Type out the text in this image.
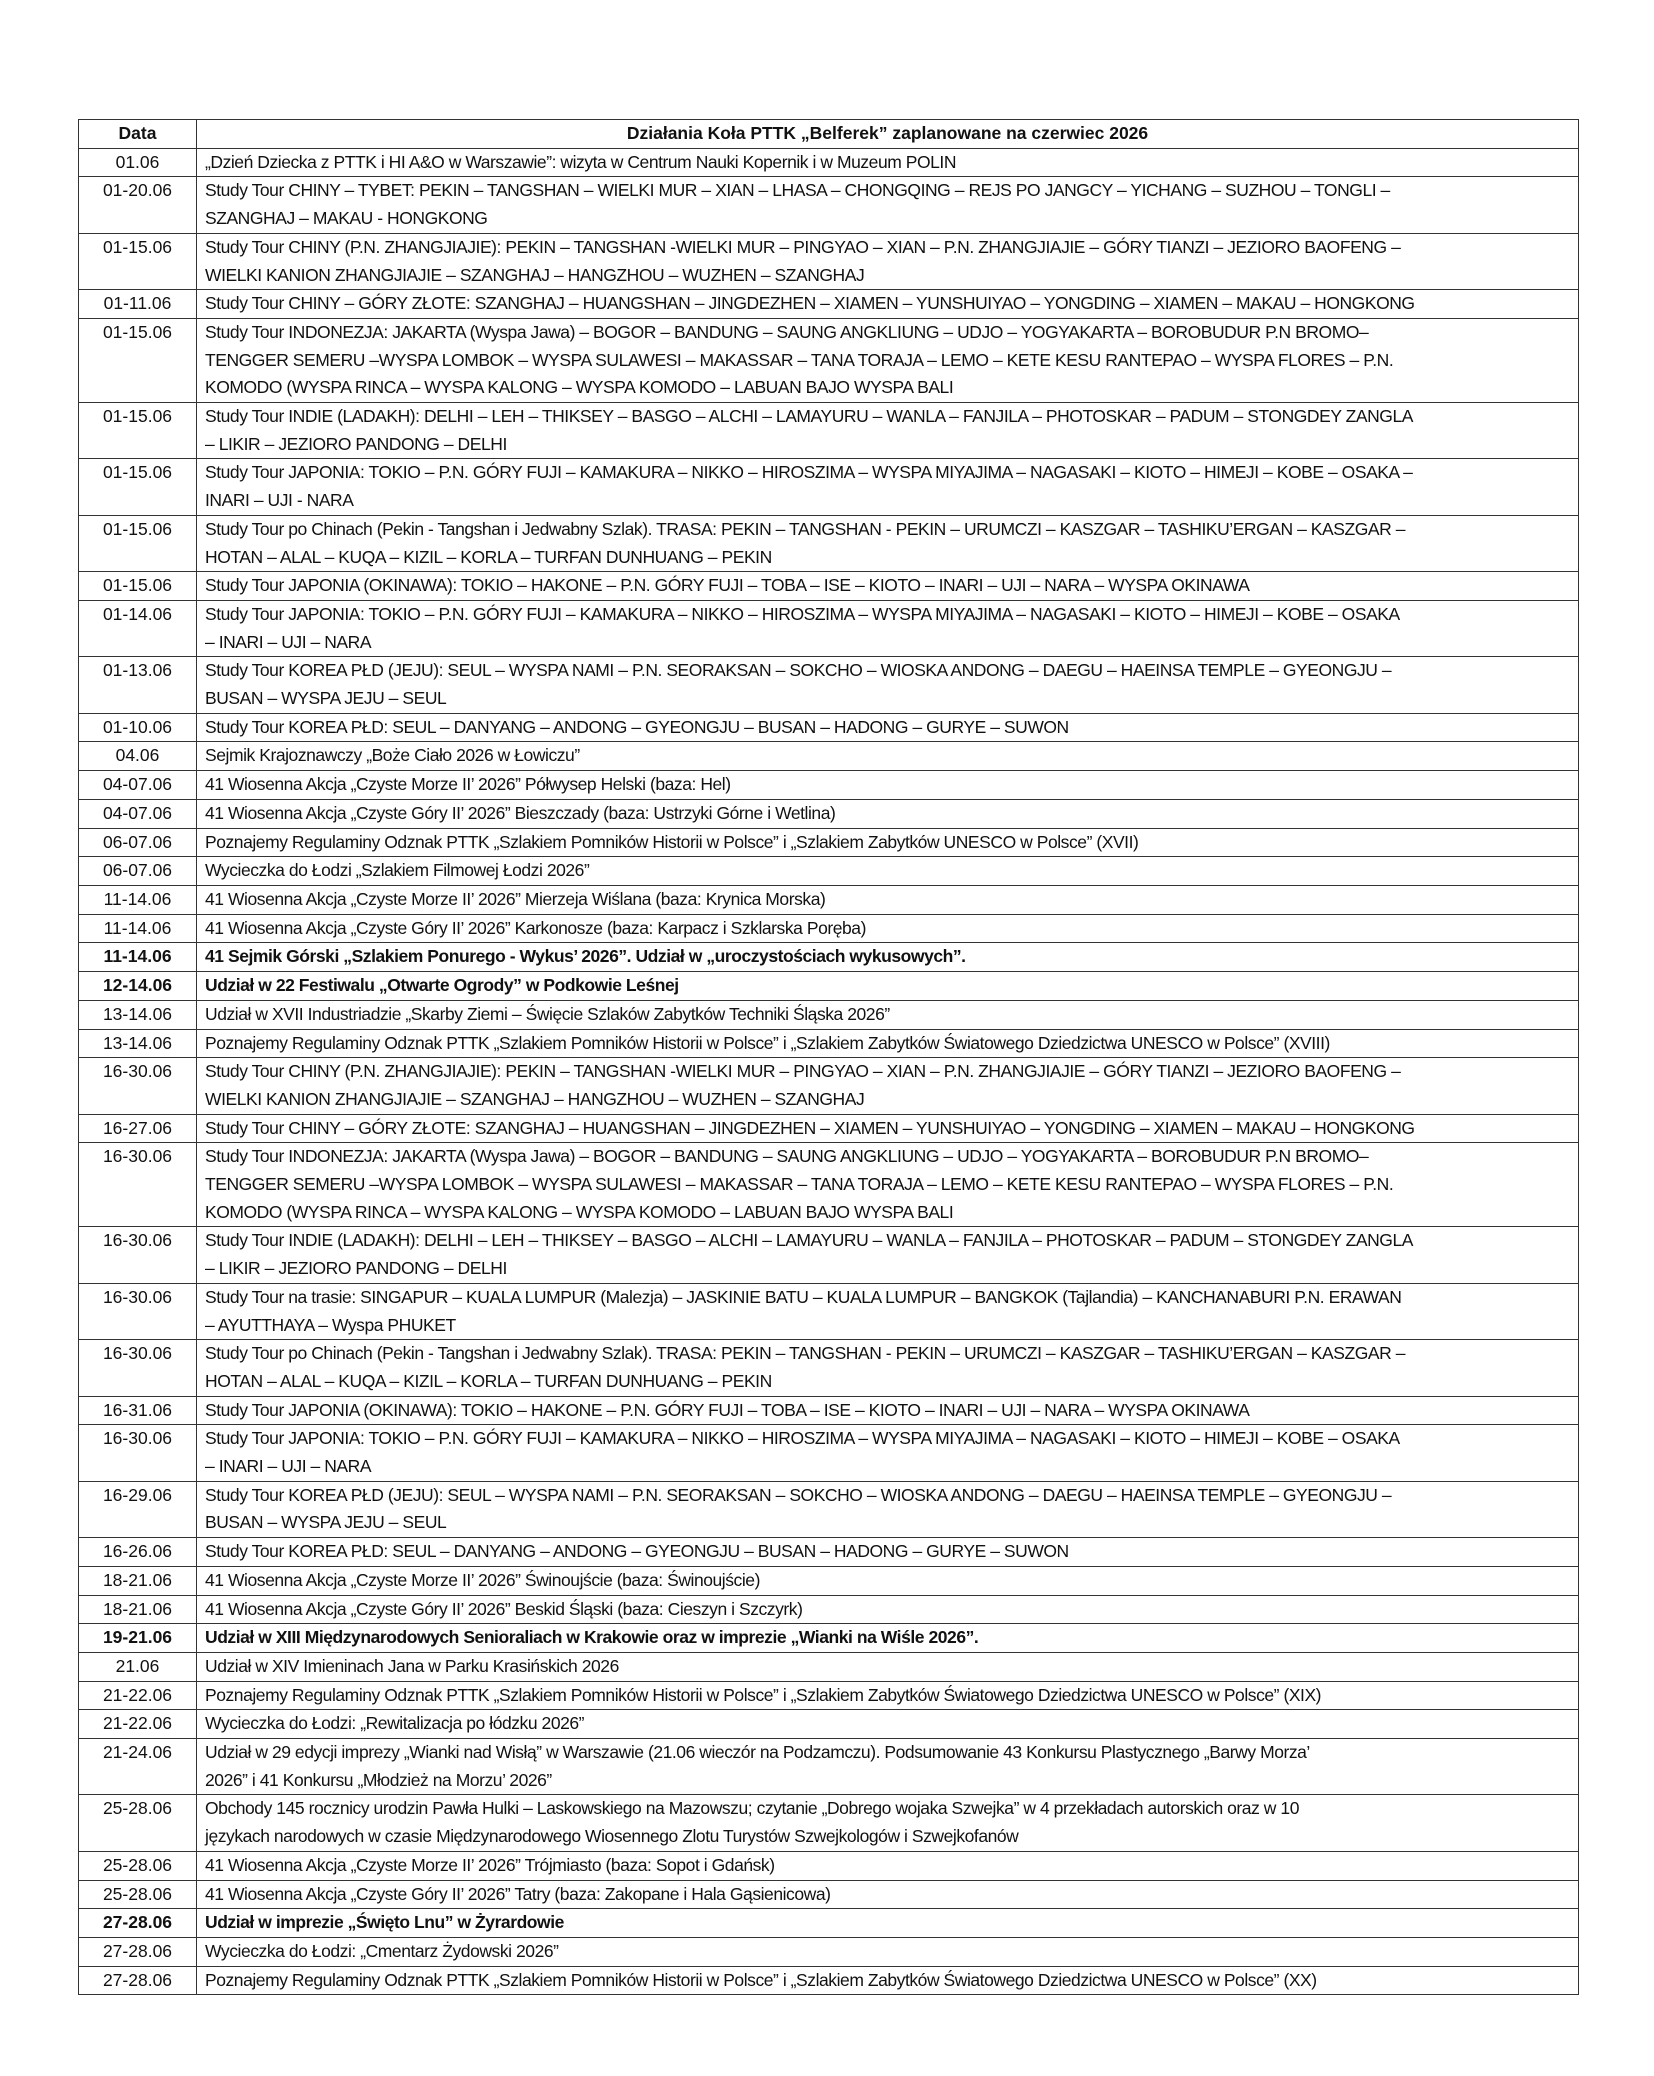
Data	Działania Koła PTTK „Belferek” zaplanowane na czerwiec 2026
01.06	„Dzień Dziecka z PTTK i HI A&O w Warszawie”: wizyta w Centrum Nauki Kopernik i w Muzeum POLIN

01-20.06	Study Tour CHINY – TYBET: PEKIN – TANGSHAN – WIELKI MUR – XIAN – LHASA – CHONGQING – REJS PO JANGCY – YICHANG – SUZHOU – TONGLI –
SZANGHAJ – MAKAU - HONGKONG

01-15.06	Study Tour CHINY (P.N. ZHANGJIAJIE): PEKIN – TANGSHAN -WIELKI MUR – PINGYAO – XIAN – P.N. ZHANGJIAJIE – GÓRY TIANZI – JEZIORO BAOFENG –
WIELKI KANION ZHANGJIAJIE – SZANGHAJ – HANGZHOU – WUZHEN – SZANGHAJ

01-11.06	Study Tour CHINY – GÓRY ZŁOTE: SZANGHAJ – HUANGSHAN – JINGDEZHEN – XIAMEN – YUNSHUIYAO – YONGDING – XIAMEN – MAKAU – HONGKONG

01-15.06	Study Tour INDONEZJA: JAKARTA (Wyspa Jawa) – BOGOR – BANDUNG – SAUNG ANGKLIUNG – UDJO – YOGYAKARTA – BOROBUDUR P.N BROMO–
TENGGER SEMERU –WYSPA LOMBOK – WYSPA SULAWESI – MAKASSAR – TANA TORAJA – LEMO – KETE KESU RANTEPAO – WYSPA FLORES – P.N.
KOMODO (WYSPA RINCA – WYSPA KALONG – WYSPA KOMODO – LABUAN BAJO WYSPA BALI

01-15.06	Study Tour INDIE (LADAKH): DELHI – LEH – THIKSEY – BASGO – ALCHI – LAMAYURU – WANLA – FANJILA – PHOTOSKAR – PADUM – STONGDEY ZANGLA
– LIKIR – JEZIORO PANDONG – DELHI

01-15.06	Study Tour JAPONIA: TOKIO – P.N. GÓRY FUJI – KAMAKURA – NIKKO – HIROSZIMA – WYSPA MIYAJIMA – NAGASAKI – KIOTO – HIMEJI – KOBE – OSAKA –
INARI – UJI - NARA

01-15.06	Study Tour po Chinach (Pekin - Tangshan i Jedwabny Szlak). TRASA: PEKIN – TANGSHAN - PEKIN – URUMCZI – KASZGAR – TASHIKU’ERGAN – KASZGAR –
HOTAN – ALAL – KUQA – KIZIL – KORLA – TURFAN DUNHUANG – PEKIN

01-15.06	Study Tour JAPONIA (OKINAWA): TOKIO – HAKONE – P.N. GÓRY FUJI – TOBA – ISE – KIOTO – INARI – UJI – NARA – WYSPA OKINAWA

01-14.06	Study Tour JAPONIA: TOKIO – P.N. GÓRY FUJI – KAMAKURA – NIKKO – HIROSZIMA – WYSPA MIYAJIMA – NAGASAKI – KIOTO – HIMEJI – KOBE – OSAKA
– INARI – UJI – NARA

01-13.06	Study Tour KOREA PŁD (JEJU): SEUL – WYSPA NAMI – P.N. SEORAKSAN – SOKCHO – WIOSKA ANDONG – DAEGU – HAEINSA TEMPLE – GYEONGJU –
BUSAN – WYSPA JEJU – SEUL

01-10.06	Study Tour KOREA PŁD: SEUL – DANYANG – ANDONG – GYEONGJU – BUSAN – HADONG – GURYE – SUWON

04.06	Sejmik Krajoznawczy „Boże Ciało 2026 w Łowiczu”

04-07.06	41 Wiosenna Akcja „Czyste Morze II’ 2026” Półwysep Helski (baza: Hel)

04-07.06	41 Wiosenna Akcja „Czyste Góry II’ 2026” Bieszczady (baza: Ustrzyki Górne i Wetlina)

06-07.06	Poznajemy Regulaminy Odznak PTTK „Szlakiem Pomników Historii w Polsce” i „Szlakiem Zabytków UNESCO w Polsce” (XVII)

06-07.06	Wycieczka do Łodzi „Szlakiem Filmowej Łodzi 2026”

11-14.06	41 Wiosenna Akcja „Czyste Morze II’ 2026” Mierzeja Wiślana (baza: Krynica Morska)

11-14.06	41 Wiosenna Akcja „Czyste Góry II’ 2026” Karkonosze (baza: Karpacz i Szklarska Poręba)

11-14.06	41 Sejmik Górski „Szlakiem Ponurego - Wykus’ 2026”. Udział w „uroczystościach wykusowych”.

12-14.06	Udział w 22 Festiwalu „Otwarte Ogrody” w Podkowie Leśnej

13-14.06	Udział w XVII Industriadzie „Skarby Ziemi – Święcie Szlaków Zabytków Techniki Śląska 2026”

13-14.06	Poznajemy Regulaminy Odznak PTTK „Szlakiem Pomników Historii w Polsce” i „Szlakiem Zabytków Światowego Dziedzictwa UNESCO w Polsce” (XVIII)

16-30.06	Study Tour CHINY (P.N. ZHANGJIAJIE): PEKIN – TANGSHAN -WIELKI MUR – PINGYAO – XIAN – P.N. ZHANGJIAJIE – GÓRY TIANZI – JEZIORO BAOFENG –
WIELKI KANION ZHANGJIAJIE – SZANGHAJ – HANGZHOU – WUZHEN – SZANGHAJ

16-27.06	Study Tour CHINY – GÓRY ZŁOTE: SZANGHAJ – HUANGSHAN – JINGDEZHEN – XIAMEN – YUNSHUIYAO – YONGDING – XIAMEN – MAKAU – HONGKONG

16-30.06	Study Tour INDONEZJA: JAKARTA (Wyspa Jawa) – BOGOR – BANDUNG – SAUNG ANGKLIUNG – UDJO – YOGYAKARTA – BOROBUDUR P.N BROMO–
TENGGER SEMERU –WYSPA LOMBOK – WYSPA SULAWESI – MAKASSAR – TANA TORAJA – LEMO – KETE KESU RANTEPAO – WYSPA FLORES – P.N.
KOMODO (WYSPA RINCA – WYSPA KALONG – WYSPA KOMODO – LABUAN BAJO WYSPA BALI

16-30.06	Study Tour INDIE (LADAKH): DELHI – LEH – THIKSEY – BASGO – ALCHI – LAMAYURU – WANLA – FANJILA – PHOTOSKAR – PADUM – STONGDEY ZANGLA
– LIKIR – JEZIORO PANDONG – DELHI

16-30.06	Study Tour na trasie: SINGAPUR – KUALA LUMPUR (Malezja) – JASKINIE BATU – KUALA LUMPUR – BANGKOK (Tajlandia) – KANCHANABURI P.N. ERAWAN
– AYUTTHAYA – Wyspa PHUKET

16-30.06	Study Tour po Chinach (Pekin - Tangshan i Jedwabny Szlak). TRASA: PEKIN – TANGSHAN - PEKIN – URUMCZI – KASZGAR – TASHIKU’ERGAN – KASZGAR –
HOTAN – ALAL – KUQA – KIZIL – KORLA – TURFAN DUNHUANG – PEKIN

16-31.06	Study Tour JAPONIA (OKINAWA): TOKIO – HAKONE – P.N. GÓRY FUJI – TOBA – ISE – KIOTO – INARI – UJI – NARA – WYSPA OKINAWA

16-30.06	Study Tour JAPONIA: TOKIO – P.N. GÓRY FUJI – KAMAKURA – NIKKO – HIROSZIMA – WYSPA MIYAJIMA – NAGASAKI – KIOTO – HIMEJI – KOBE – OSAKA
– INARI – UJI – NARA

16-29.06	Study Tour KOREA PŁD (JEJU): SEUL – WYSPA NAMI – P.N. SEORAKSAN – SOKCHO – WIOSKA ANDONG – DAEGU – HAEINSA TEMPLE – GYEONGJU –
BUSAN – WYSPA JEJU – SEUL

16-26.06	Study Tour KOREA PŁD: SEUL – DANYANG – ANDONG – GYEONGJU – BUSAN – HADONG – GURYE – SUWON

18-21.06	41 Wiosenna Akcja „Czyste Morze II’ 2026” Świnoujście (baza: Świnoujście)

18-21.06	41 Wiosenna Akcja „Czyste Góry II’ 2026” Beskid Śląski (baza: Cieszyn i Szczyrk)

19-21.06	Udział w XIII Międzynarodowych Senioraliach w Krakowie oraz w imprezie „Wianki na Wiśle 2026”.

21.06	Udział w XIV Imieninach Jana w Parku Krasińskich 2026

21-22.06	Poznajemy Regulaminy Odznak PTTK „Szlakiem Pomników Historii w Polsce” i „Szlakiem Zabytków Światowego Dziedzictwa UNESCO w Polsce” (XIX)

21-22.06	Wycieczka do Łodzi: „Rewitalizacja po łódzku 2026”

21-24.06	Udział w 29 edycji imprezy „Wianki nad Wisłą” w Warszawie (21.06 wieczór na Podzamczu). Podsumowanie 43 Konkursu Plastycznego „Barwy Morza’
2026” i 41 Konkursu „Młodzież na Morzu’ 2026”

25-28.06	Obchody 145 rocznicy urodzin Pawła Hulki – Laskowskiego na Mazowszu; czytanie „Dobrego wojaka Szwejka” w 4 przekładach autorskich oraz w 10
językach narodowych w czasie Międzynarodowego Wiosennego Zlotu Turystów Szwejkologów i Szwejkofanów

25-28.06	41 Wiosenna Akcja „Czyste Morze II’ 2026” Trójmiasto (baza: Sopot i Gdańsk)

25-28.06	41 Wiosenna Akcja „Czyste Góry II’ 2026” Tatry (baza: Zakopane i Hala Gąsienicowa)

27-28.06	Udział w imprezie „Święto Lnu” w Żyrardowie

27-28.06	Wycieczka do Łodzi: „Cmentarz Żydowski 2026”

27-28.06	Poznajemy Regulaminy Odznak PTTK „Szlakiem Pomników Historii w Polsce” i „Szlakiem Zabytków Światowego Dziedzictwa UNESCO w Polsce” (XX)
